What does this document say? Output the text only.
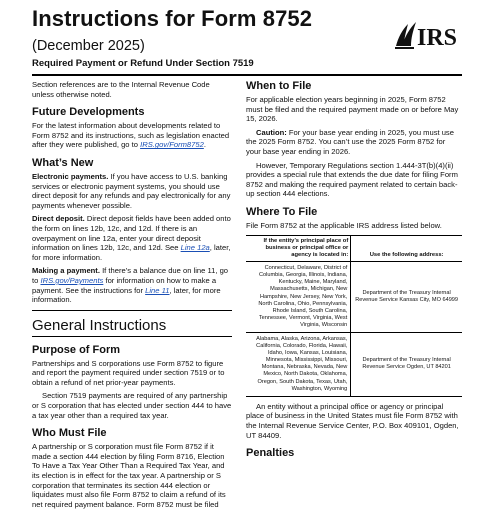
Instructions for Form 8752
(December 2025)
Required Payment or Refund Under Section 7519
IRS

Section references are to the Internal Revenue Code unless otherwise noted.

Future Developments

For the latest information about developments related to Form 8752 and its instructions, such as legislation enacted after they were published, go to IRS.gov/Form8752.

What’s New

Electronic payments. If you have access to U.S. banking services or electronic payment systems, you should use direct deposit for any refunds and pay electronically for any payments whenever possible.

Direct deposit. Direct deposit fields have been added onto the form on lines 12b, 12c, and 12d. If there is an overpayment on line 12a, enter your direct deposit information on lines 12b, 12c, and 12d. See Line 12a, later, for more information.

Making a payment. If there’s a balance due on line 11, go to IRS.gov/Payments for information on how to make a payment. See the instructions for Line 11, later, for more information.

General Instructions
Purpose of Form

Partnerships and S corporations use Form 8752 to figure and report the payment required under section 7519 or to obtain a refund of net prior-year payments.

Section 7519 payments are required of any partnership or S corporation that has elected under section 444 to have a tax year other than a required tax year.

Who Must File

A partnership or S corporation must file Form 8752 if it made a section 444 election by filing Form 8716, Election To Have a Tax Year Other Than a Required Tax Year, and its election is in effect for the tax year. A partnership or S corporation that terminates its section 444 election or liquidates must also file Form 8752 to claim a refund of its net required payment balance. Form 8752 must be filed

When to File

For applicable election years beginning in 2025, Form 8752 must be filed and the required payment made on or before May 15, 2026.

Caution: For your base year ending in 2025, you must use the 2025 Form 8752. You can’t use the 2025 Form 8752 for your base year ending in 2026.

However, Temporary Regulations section 1.444-3T(b)(4)(ii) provides a special rule that extends the due date for filing Form 8752 and making the required payment related to certain back-up section 444 elections.

Where To File

File Form 8752 at the applicable IRS address listed below.

If the entity’s principal place of business or principal office or agency is located in:	Use the following address:
Connecticut, Delaware, District of Columbia, Georgia, Illinois, Indiana, Kentucky, Maine, Maryland, Massachusetts, Michigan, New Hampshire, New Jersey, New York, North Carolina, Ohio, Pennsylvania, Rhode Island, South Carolina, Tennessee, Vermont, Virginia, West Virginia, Wisconsin	Department of the Treasury Internal Revenue Service Kansas City, MO 64999
Alabama, Alaska, Arizona, Arkansas, California, Colorado, Florida, Hawaii, Idaho, Iowa, Kansas, Louisiana, Minnesota, Mississippi, Missouri, Montana, Nebraska, Nevada, New Mexico, North Dakota, Oklahoma, Oregon, South Dakota, Texas, Utah, Washington, Wyoming	Department of the Treasury Internal Revenue Service Ogden, UT 84201

An entity without a principal office or agency or principal place of business in the United States must file Form 8752 with the Internal Revenue Service Center, P.O. Box 409101, Ogden, UT 84409.

Penalties
